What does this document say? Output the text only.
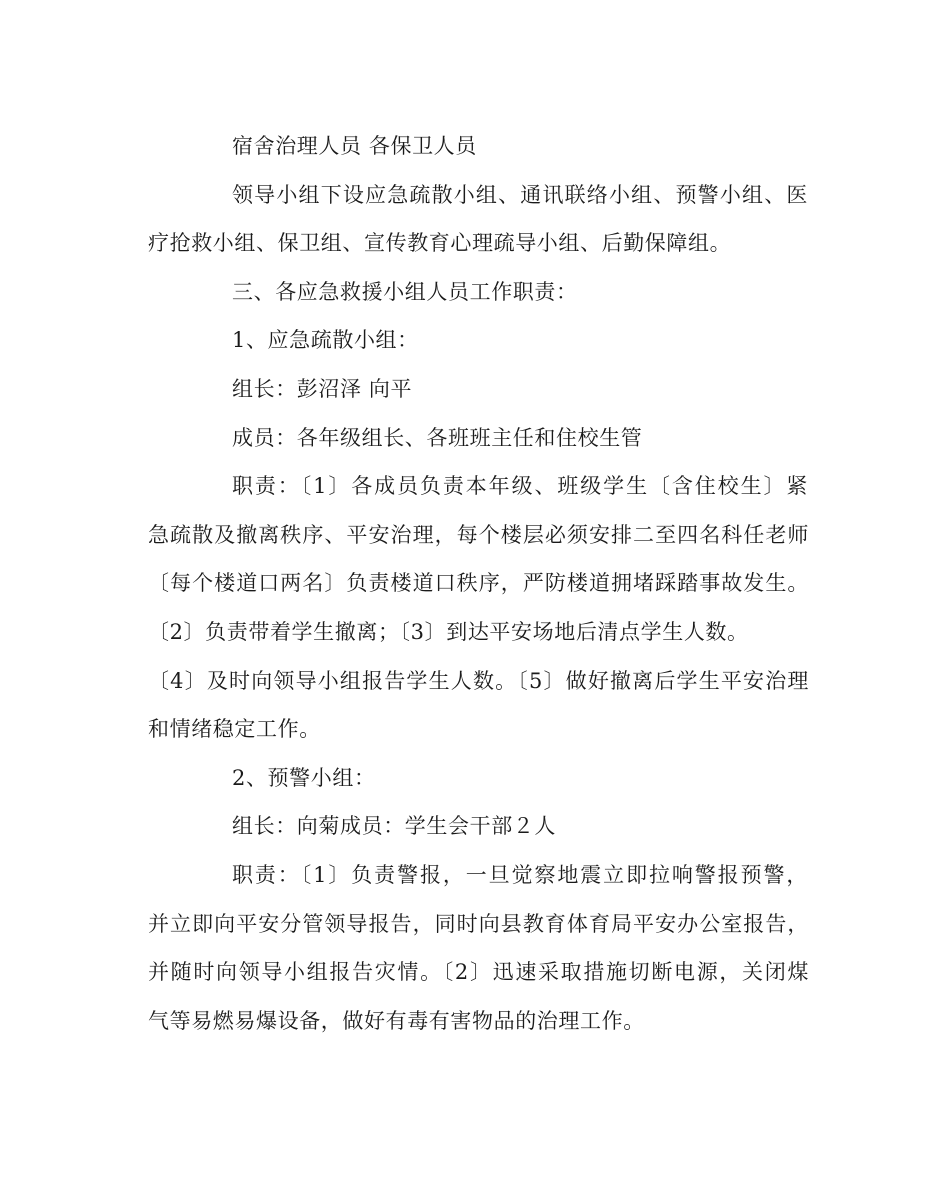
宿舍治理人员 各保卫人员
领导小组下设应急疏散小组、通讯联络小组、预警小组、医
疗抢救小组、保卫组、宣传教育心理疏导小组、后勤保障组。
三、各应急救援小组人员工作职责：
1、应急疏散小组：
组长：彭沼泽 向平
成员：各年级组长、各班班主任和住校生管
职责：〔1〕各成员负责本年级、班级学生〔含住校生〕紧
急疏散及撤离秩序、平安治理，每个楼层必须安排二至四名科任老师
〔每个楼道口两名〕负责楼道口秩序，严防楼道拥堵踩踏事故发生。
〔2〕负责带着学生撤离；〔3〕到达平安场地后清点学生人数。
〔4〕及时向领导小组报告学生人数。〔5〕做好撤离后学生平安治理
和情绪稳定工作。
2、预警小组：
组长：向菊成员：学生会干部２人
职责：〔1〕负责警报，一旦觉察地震立即拉响警报预警，
并立即向平安分管领导报告，同时向县教育体育局平安办公室报告，
并随时向领导小组报告灾情。〔2〕迅速采取措施切断电源，关闭煤
气等易燃易爆设备，做好有毒有害物品的治理工作。
